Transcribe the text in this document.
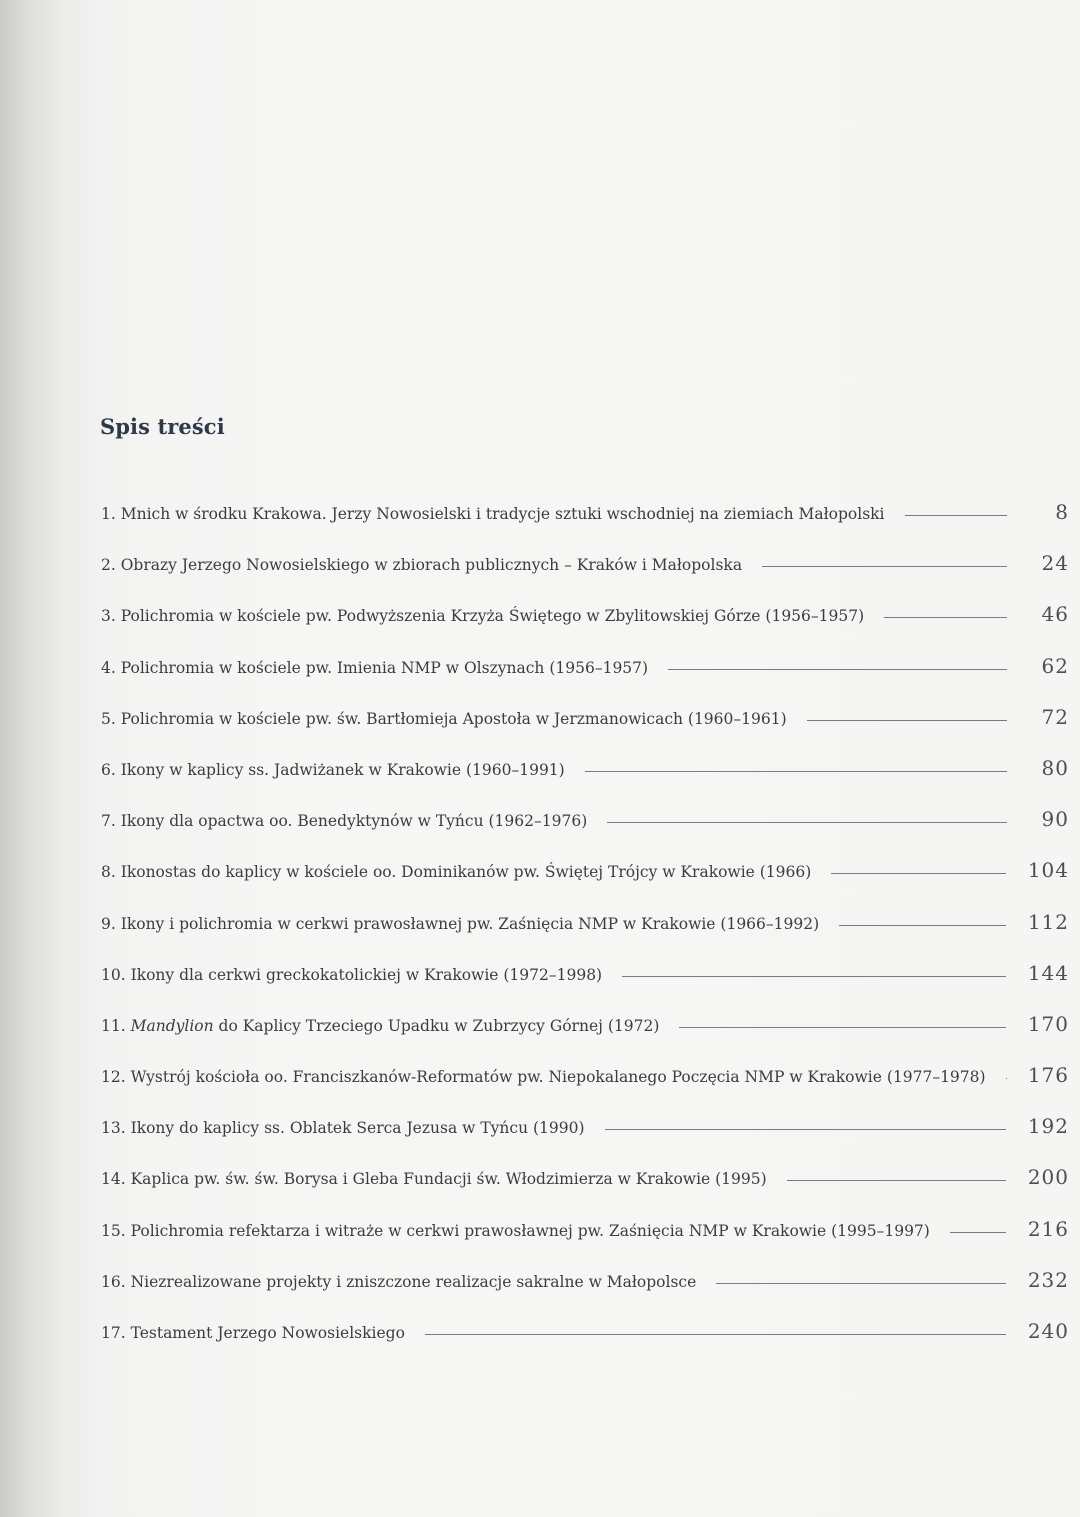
Spis treści
1. Mnich w środku Krakowa. Jerzy Nowosielski i tradycje sztuki wschodniej na ziemiach Małopolski	8
2. Obrazy Jerzego Nowosielskiego w zbiorach publicznych – Kraków i Małopolska	24
3. Polichromia w kościele pw. Podwyższenia Krzyża Świętego w Zbylitowskiej Górze (1956–1957)	46
4. Polichromia w kościele pw. Imienia NMP w Olszynach (1956–1957)	62
5. Polichromia w kościele pw. św. Bartłomieja Apostoła w Jerzmanowicach (1960–1961)	72
6. Ikony w kaplicy ss. Jadwiżanek w Krakowie (1960–1991)	80
7. Ikony dla opactwa oo. Benedyktynów w Tyńcu (1962–1976)	90
8. Ikonostas do kaplicy w kościele oo. Dominikanów pw. Świętej Trójcy w Krakowie (1966)	104
9. Ikony i polichromia w cerkwi prawosławnej pw. Zaśnięcia NMP w Krakowie (1966–1992)	112
10. Ikony dla cerkwi greckokatolickiej w Krakowie (1972–1998)	144
11. Mandylion do Kaplicy Trzeciego Upadku w Zubrzycy Górnej (1972)	170
12. Wystrój kościoła oo. Franciszkanów-Reformatów pw. Niepokalanego Poczęcia NMP w Krakowie (1977–1978) 176
13. Ikony do kaplicy ss. Oblatek Serca Jezusa w Tyńcu (1990)	192
14. Kaplica pw. św. św. Borysa i Gleba Fundacji św. Włodzimierza w Krakowie (1995)	200
15. Polichromia refektarza i witraże w cerkwi prawosławnej pw. Zaśnięcia NMP w Krakowie (1995–1997)	216
16. Niezrealizowane projekty i zniszczone realizacje sakralne w Małopolsce	232
17. Testament Jerzego Nowosielskiego	240
